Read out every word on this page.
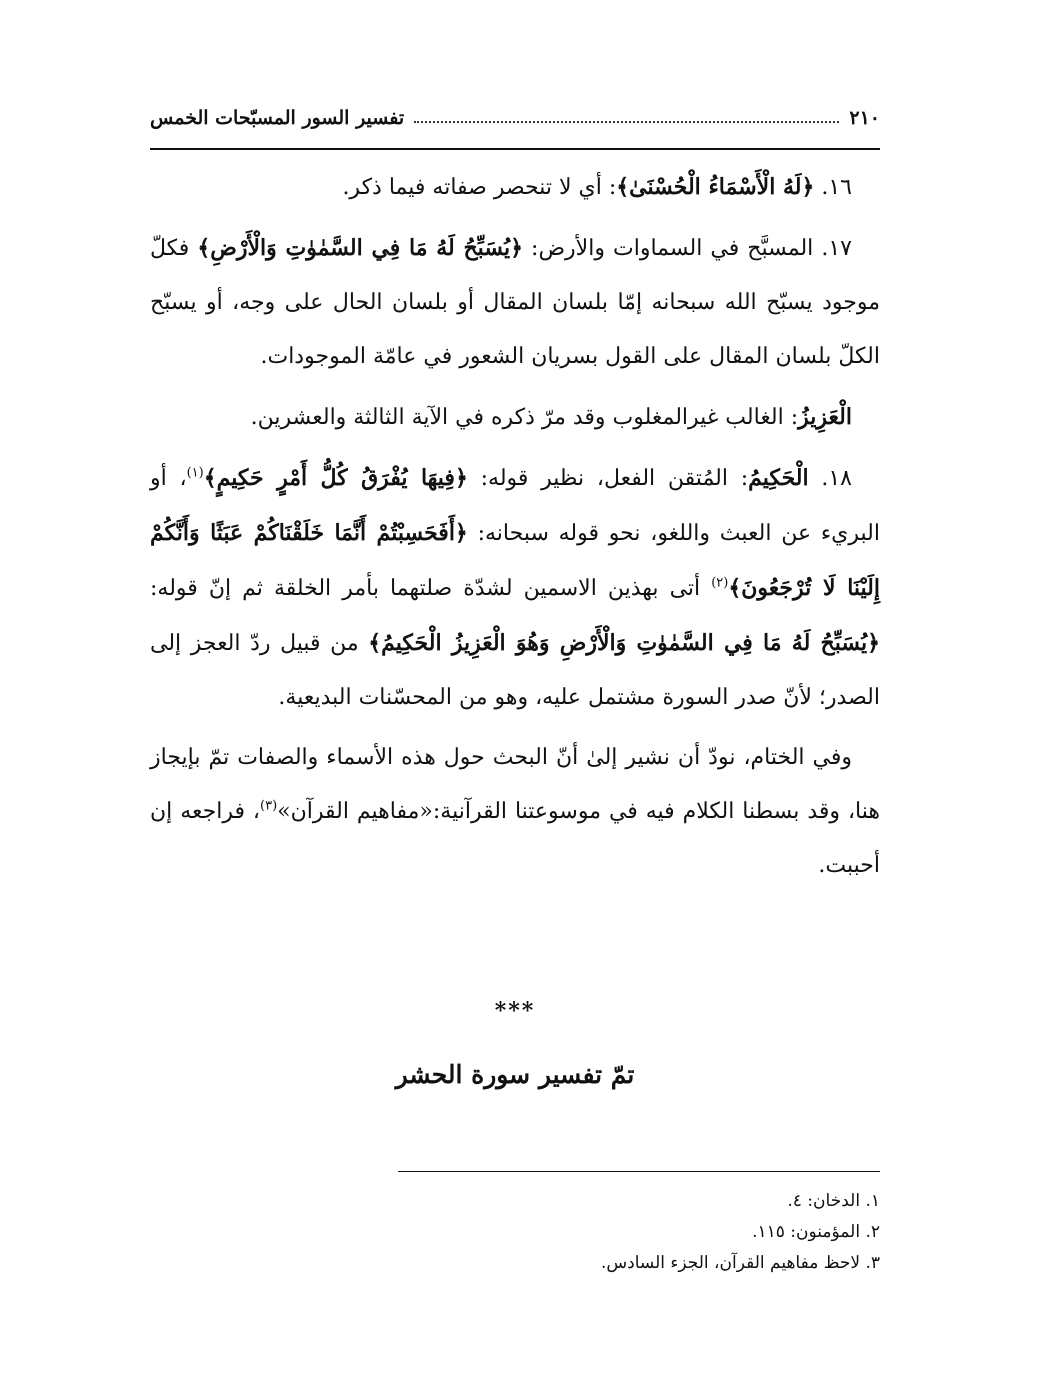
٢١٠
تفسير السور المسبّحات الخمس

١٦. ﴿لَهُ الْأَسْمَاءُ الْحُسْنَىٰ﴾: أي لا تنحصر صفاته فيما ذكر.

١٧. المسبَّح في السماوات والأرض: ﴿يُسَبِّحُ لَهُ مَا فِي السَّمٰوٰتِ وَالْأَرْضِ﴾ فكلّ موجود يسبّح الله سبحانه إمّا بلسان المقال أو بلسان الحال على وجه، أو يسبّح الكلّ بلسان المقال على القول بسريان الشعور في عامّة الموجودات.

الْعَزِيزُ: الغالب غيرالمغلوب وقد مرّ ذكره في الآية الثالثة والعشرين.

١٨. الْحَكِيمُ: المُتقن الفعل، نظير قوله: ﴿فِيهَا يُفْرَقُ كُلُّ أَمْرٍ حَكِيمٍ﴾$^{(١)}$، أو البريء عن العبث واللغو، نحو قوله سبحانه: ﴿أَفَحَسِبْتُمْ أَنَّمَا خَلَقْنَاكُمْ عَبَثًا وَأَنَّكُمْ إِلَيْنَا لَا تُرْجَعُونَ﴾$^{(٢)}$ أتى بهذين الاسمين لشدّة صلتهما بأمر الخلقة ثم إنّ قوله: ﴿يُسَبِّحُ لَهُ مَا فِي السَّمٰوٰتِ وَالْأَرْضِ وَهُوَ الْعَزِيزُ الْحَكِيمُ﴾ من قبيل ردّ العجز إلى الصدر؛ لأنّ صدر السورة مشتمل عليه، وهو من المحسّنات البديعية.

وفي الختام، نودّ أن نشير إلىٰ أنّ البحث حول هذه الأسماء والصفات تمّ بإيجاز هنا، وقد بسطنا الكلام فيه في موسوعتنا القرآنية:«مفاهيم القرآن»$^{(٣)}$، فراجعه إن أحببت.

***
تمّ تفسير سورة الحشر
١. الدخان: ٤.
٢. المؤمنون: ١١٥.
٣. لاحظ مفاهيم القرآن، الجزء السادس.
